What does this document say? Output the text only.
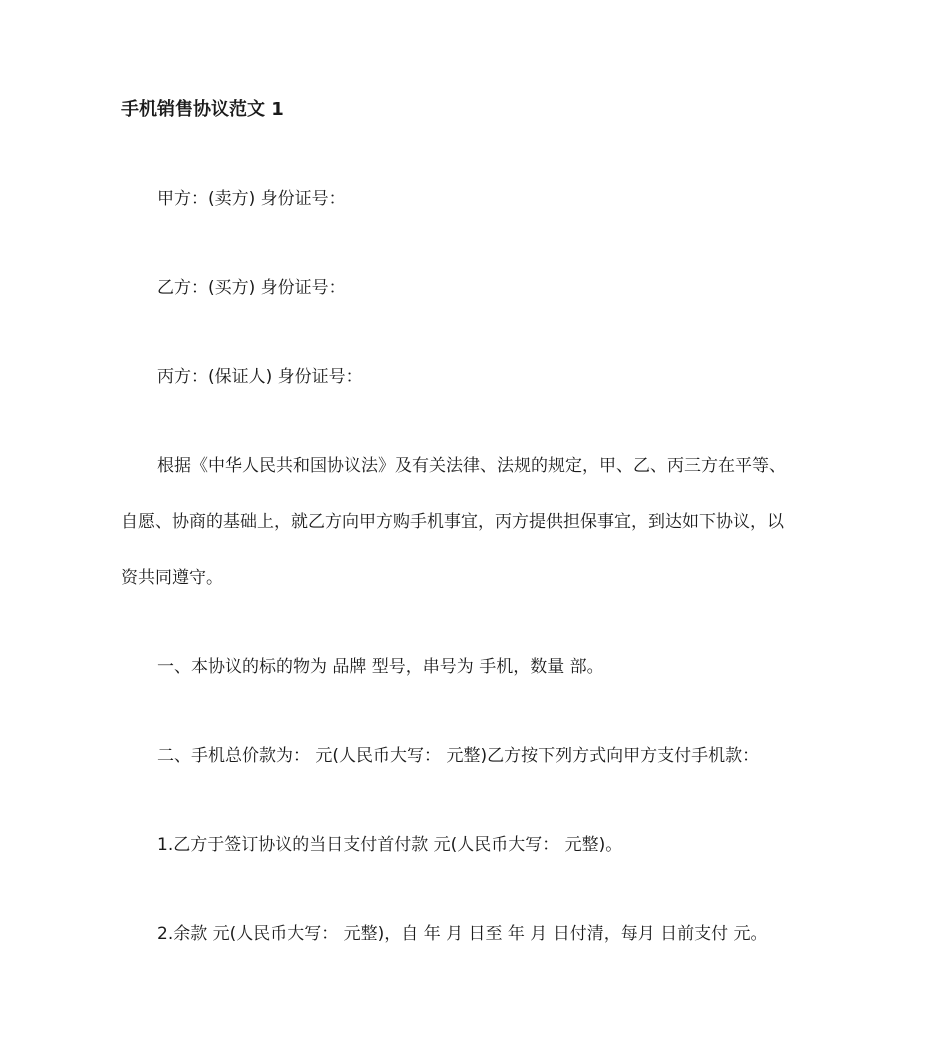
手机销售协议范文 1
甲方：(卖方) 身份证号：
乙方：(买方) 身份证号：
丙方：(保证人) 身份证号：
根据《中华人民共和国协议法》及有关法律、法规的规定，甲、乙、丙三方在平等、
自愿、协商的基础上，就乙方向甲方购手机事宜，丙方提供担保事宜，到达如下协议，以
资共同遵守。
一、本协议的标的物为 品牌 型号，串号为 手机，数量 部。
二、手机总价款为： 元(人民币大写： 元整)乙方按下列方式向甲方支付手机款：
1.乙方于签订协议的当日支付首付款 元(人民币大写： 元整)。
2.余款 元(人民币大写： 元整)，自 年 月 日至 年 月 日付清，每月 日前支付 元。
